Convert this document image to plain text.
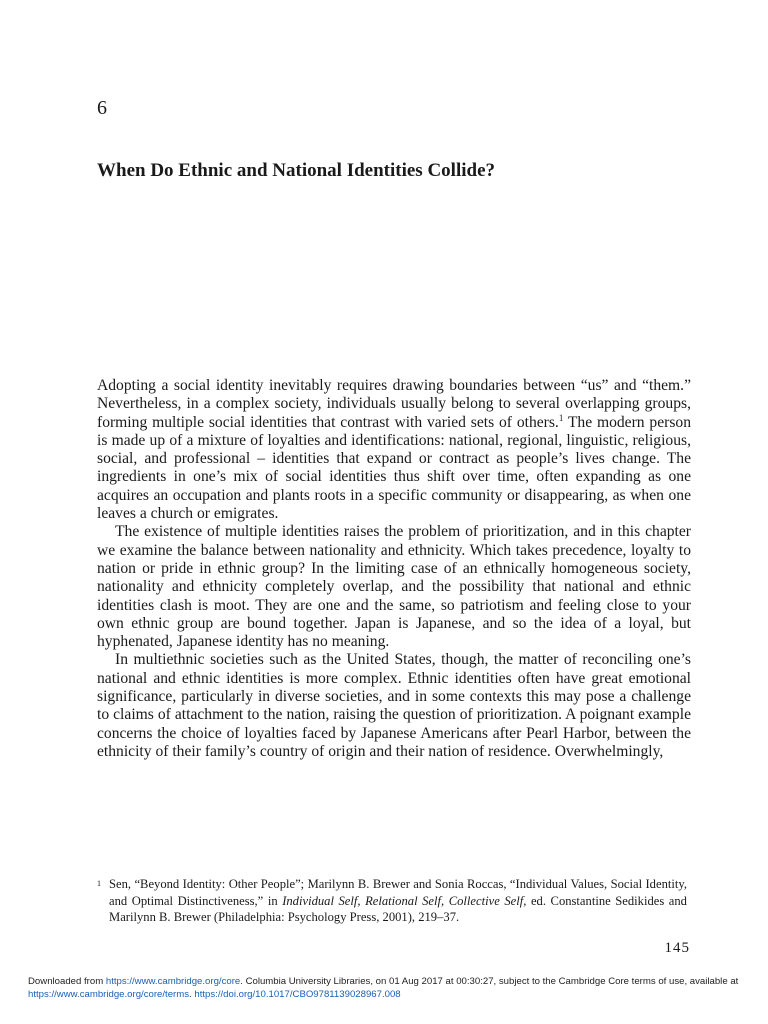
6
When Do Ethnic and National Identities Collide?

Adopting a social identity inevitably requires drawing boundaries between “us” and “them.” Nevertheless, in a complex society, individuals usually belong to several overlapping groups, forming multiple social identities that contrast with varied sets of others.$^1$ The modern person is made up of a mixture of loyalties and identifications: national, regional, linguistic, religious, social, and professional – identities that expand or contract as people’s lives change. The ingredients in one’s mix of social identities thus shift over time, often expanding as one acquires an occupation and plants roots in a specific community or disappearing, as when one leaves a church or emigrates.

The existence of multiple identities raises the problem of prioritization, and in this chapter we examine the balance between nationality and ethnicity. Which takes precedence, loyalty to nation or pride in ethnic group? In the limiting case of an ethnically homogeneous society, nationality and ethnicity completely overlap, and the possibility that national and ethnic identities clash is moot. They are one and the same, so patriotism and feeling close to your own ethnic group are bound together. Japan is Japanese, and so the idea of a loyal, but hyphenated, Japanese identity has no meaning.

In multiethnic societies such as the United States, though, the matter of reconciling one’s national and ethnic identities is more complex. Ethnic identities often have great emotional significance, particularly in diverse societies, and in some contexts this may pose a challenge to claims of attachment to the nation, raising the question of prioritization. A poignant example concerns the choice of loyalties faced by Japanese Americans after Pearl Harbor, between the ethnicity of their family’s country of origin and their nation of residence. Overwhelmingly,

1 Sen, “Beyond Identity: Other People”; Marilynn B. Brewer and Sonia Roccas, “Individual Values, Social Identity, and Optimal Distinctiveness,” in Individual Self, Relational Self, Collective Self, ed. Constantine Sedikides and Marilynn B. Brewer (Philadelphia: Psychology Press, 2001), 219–37.
145
Downloaded from https://www.cambridge.org/core. Columbia University Libraries, on 01 Aug 2017 at 00:30:27, subject to the Cambridge Core terms of use, available at https://www.cambridge.org/core/terms. https://doi.org/10.1017/CBO9781139028967.008
